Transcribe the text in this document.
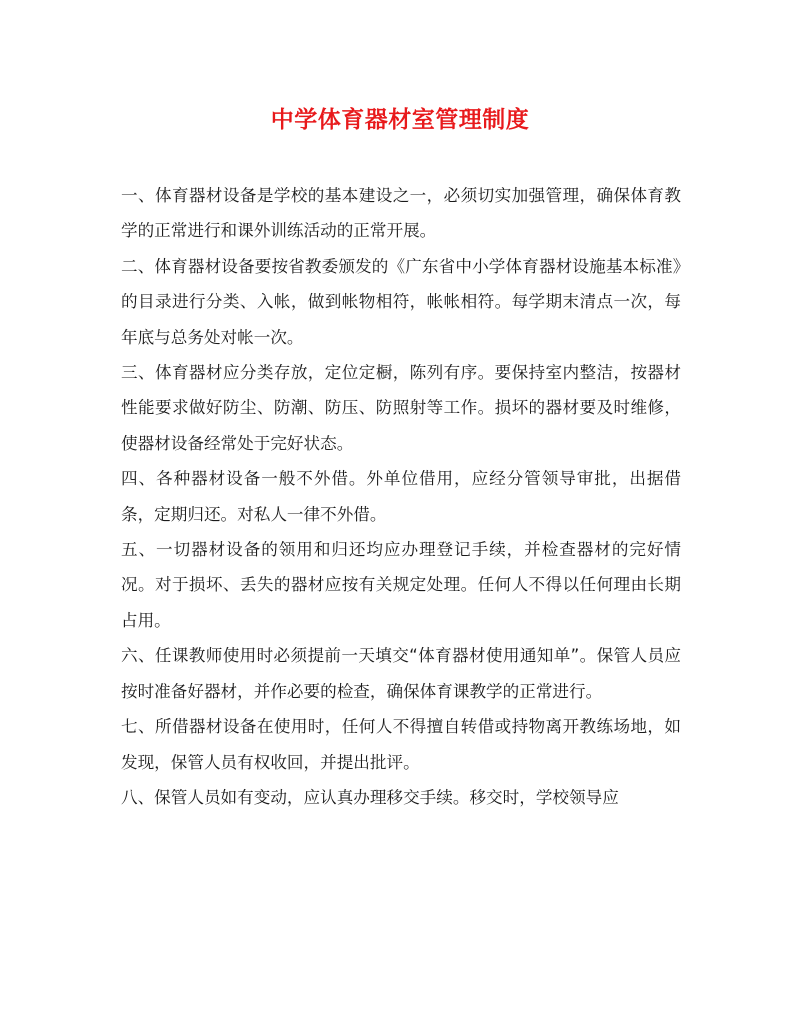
中学体育器材室管理制度

一、体育器材设备是学校的基本建设之一，必须切实加强管理，确保体育教学的正常进行和课外训练活动的正常开展。

二、体育器材设备要按省教委颁发的《广东省中小学体育器材设施基本标准》的目录进行分类、入帐，做到帐物相符，帐帐相符。每学期末清点一次，每年底与总务处对帐一次。

三、体育器材应分类存放，定位定橱，陈列有序。要保持室内整洁，按器材性能要求做好防尘、防潮、防压、防照射等工作。损坏的器材要及时维修，使器材设备经常处于完好状态。

四、各种器材设备一般不外借。外单位借用，应经分管领导审批，出据借条，定期归还。对私人一律不外借。

五、一切器材设备的领用和归还均应办理登记手续，并检查器材的完好情况。对于损坏、丢失的器材应按有关规定处理。任何人不得以任何理由长期占用。

六、任课教师使用时必须提前一天填交“体育器材使用通知单”。保管人员应按时准备好器材，并作必要的检查，确保体育课教学的正常进行。

七、所借器材设备在使用时，任何人不得擅自转借或持物离开教练场地，如发现，保管人员有权收回，并提出批评。

八、保管人员如有变动，应认真办理移交手续。移交时，学校领导应
